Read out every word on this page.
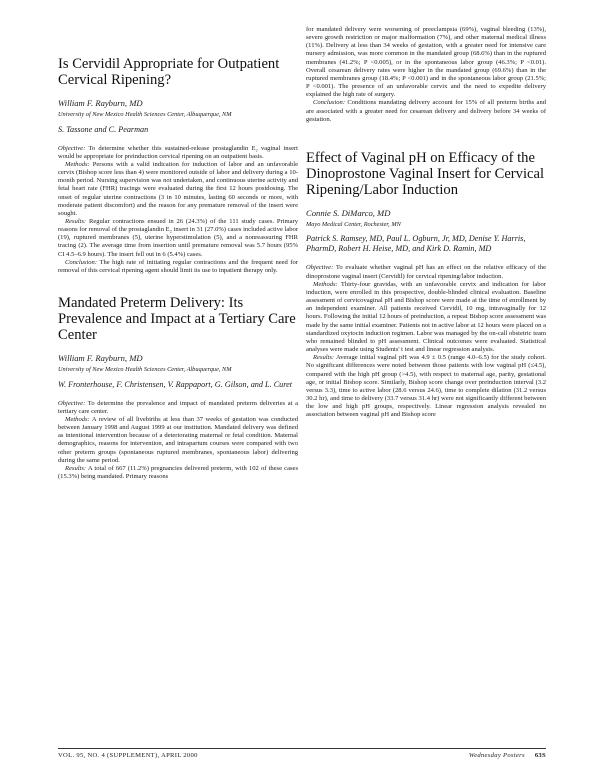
Is Cervidil Appropriate for Outpatient Cervical Ripening?

William F. Rayburn, MD

University of New Mexico Health Sciences Center, Albuquerque, NM

S. Tassone and C. Pearman

Objective: To determine whether this sustained-release prostaglandin E₂ vaginal insert would be appropriate for preinduction cervical ripening on an outpatient basis.

Methods: Persons with a valid indication for induction of labor and an unfavorable cervix (Bishop score less than 4) were monitored outside of labor and delivery during a 10-month period. Nursing supervision was not undertaken, and continuous uterine activity and fetal heart rate (FHR) tracings were evaluated during the first 12 hours postdosing. The onset of regular uterine contractions (3 in 10 minutes, lasting 60 seconds or more, with moderate patient discomfort) and the reason for any premature removal of the insert were sought.

Results: Regular contractions ensued in 26 (24.3%) of the 111 study cases. Primary reasons for removal of the prostaglandin E₂ insert in 31 (27.0%) cases included active labor (19), ruptured membranes (5), uterine hyperstimulation (5), and a nonreassuring FHR tracing (2). The average time from insertion until premature removal was 5.7 hours (95% CI 4.5–6.9 hours). The insert fell out in 6 (5.4%) cases.

Conclusion: The high rate of initiating regular contractions and the frequent need for removal of this cervical ripening agent should limit its use to inpatient therapy only.

Mandated Preterm Delivery: Its Prevalence and Impact at a Tertiary Care Center

William F. Rayburn, MD

University of New Mexico Health Sciences Center, Albuquerque, NM

W. Fronterhouse, F. Christensen, V. Rappaport, G. Gilson, and L. Curet

Objective: To determine the prevalence and impact of mandated preterm deliveries at a tertiary care center.

Methods: A review of all livebirths at less than 37 weeks of gestation was conducted between January 1998 and August 1999 at our institution. Mandated delivery was defined as intentional intervention because of a deteriorating maternal or fetal condition. Maternal demographics, reasons for intervention, and intrapartum courses were compared with two other preterm groups (spontaneous ruptured membranes, spontaneous labor) delivering during the same period.

Results: A total of 667 (11.2%) pregnancies delivered preterm, with 102 of these cases (15.3%) being mandated. Primary reasons

for mandated delivery were worsening of preeclampsia (69%), vaginal bleeding (13%), severe growth restriction or major malformation (7%), and other maternal medical illness (11%). Delivery at less than 34 weeks of gestation, with a greater need for intensive care nursery admission, was more common in the mandated group (68.6%) than in the ruptured membranes (41.2%; P <0.005), or in the spontaneous labor group (46.3%; P <0.01). Overall cesarean delivery rates were higher in the mandated group (69.6%) than in the ruptured membranes group (18.4%; P <0.001) and in the spontaneous labor group (21.5%; P <0.001). The presence of an unfavorable cervix and the need to expedite delivery explained the high rate of surgery.

Conclusion: Conditions mandating delivery account for 15% of all preterm births and are associated with a greater need for cesarean delivery and delivery before 34 weeks of gestation.

Effect of Vaginal pH on Efficacy of the Dinoprostone Vaginal Insert for Cervical Ripening/Labor Induction

Connie S. DiMarco, MD

Mayo Medical Center, Rochester, MN

Patrick S. Ramsey, MD, Paul L. Ogburn, Jr, MD, Denise Y. Harris, PharmD, Robert H. Heise, MD, and Kirk D. Ramin, MD

Objective: To evaluate whether vaginal pH has an effect on the relative efficacy of the dinoprostone vaginal insert (Cervidil) for cervical ripening/labor induction.

Methods: Thirty-four gravidas, with an unfavorable cervix and indication for labor induction, were enrolled in this prospective, double-blinded clinical evaluation. Baseline assessment of cervicovaginal pH and Bishop score were made at the time of enrollment by an independent examiner. All patients received Cervidil, 10 mg, intravaginally for 12 hours. Following the initial 12 hours of preinduction, a repeat Bishop score assessment was made by the same initial examiner. Patients not in active labor at 12 hours were placed on a standardized oxytocin induction regimen. Labor was managed by the on-call obstetric team who remained blinded to pH assessment. Clinical outcomes were evaluated. Statistical analyses were made using Students' t test and linear regression analysis.

Results: Average initial vaginal pH was 4.9 ± 0.5 (range 4.0–6.5) for the study cohort. No significant differences were noted between those patients with low vaginal pH (≤4.5), compared with the high pH group (>4.5), with respect to maternal age, parity, gestational age, or initial Bishop score. Similarly, Bishop score change over preinduction interval (3.2 versus 3.3), time to active labor (28.6 versus 24.6), time to complete dilation (31.2 versus 30.2 hr), and time to delivery (33.7 versus 31.4 hr) were not significantly different between the low and high pH groups, respectively. Linear regression analysis revealed no association between vaginal pH and Bishop score

VOL. 95, NO. 4 (SUPPLEMENT), APRIL 2000	Wednesday Posters 63S
